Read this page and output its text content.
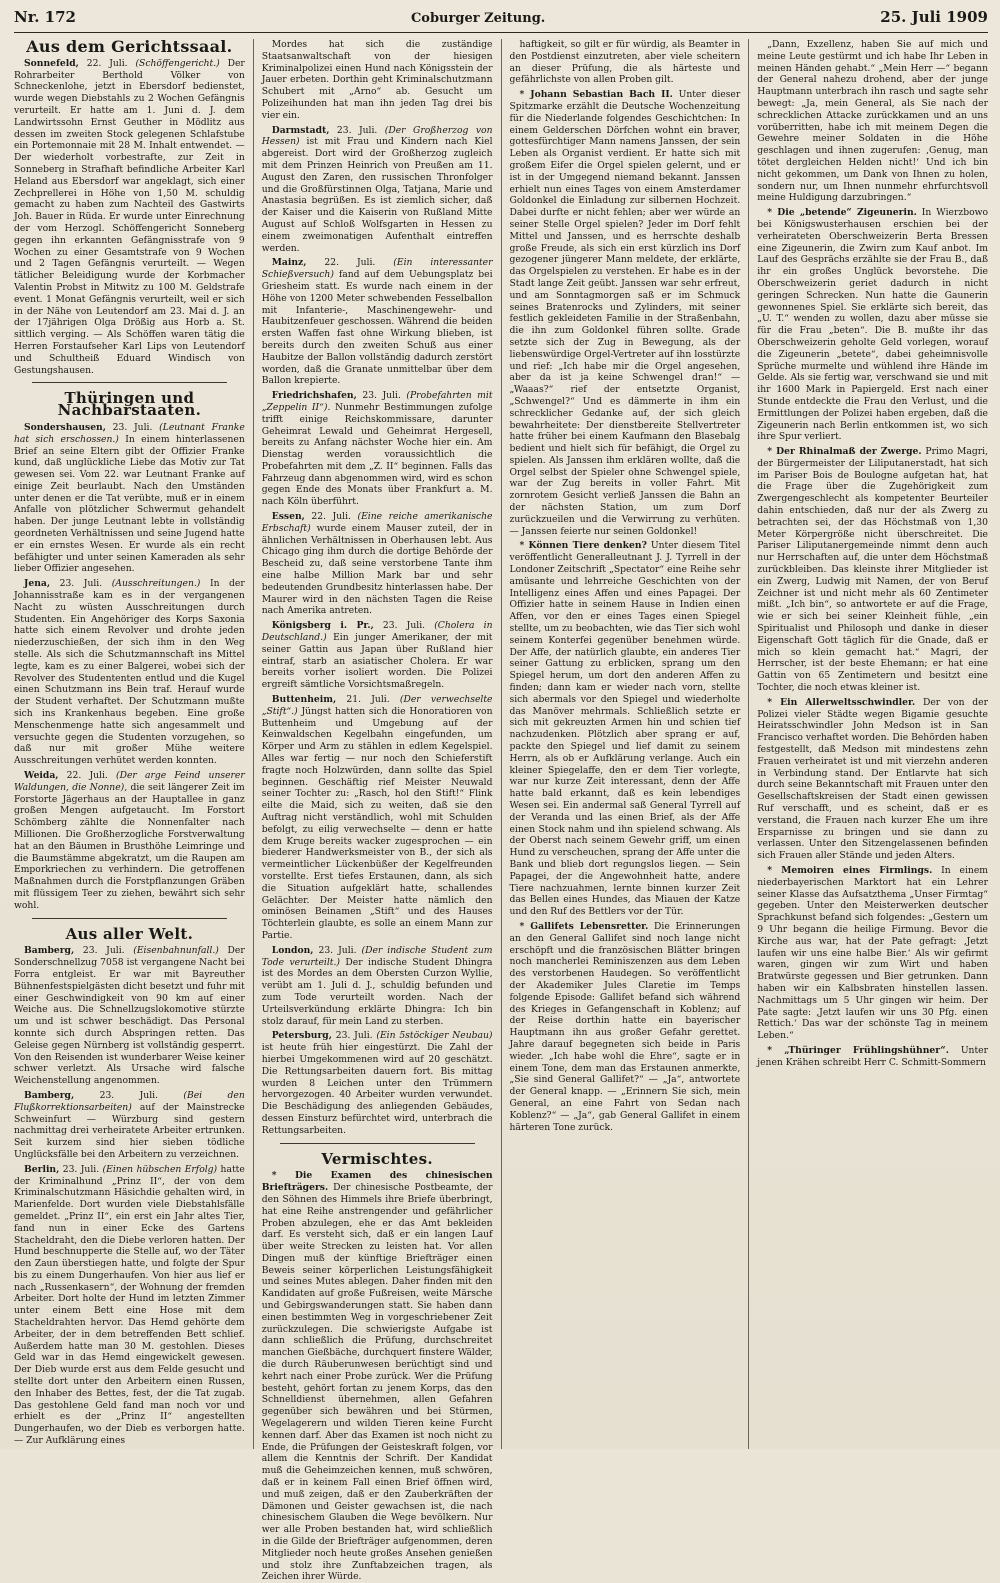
Nr. 172	Coburger Zeitung.	25. Juli 1909
Aus dem Gerichtssaal.

Sonnefeld, 22. Juli. (Schöffengericht.) Der Rohrarbeiter Berthold Völker von Schneckenlohe, jetzt in Ebersdorf bedienstet, wurde wegen Diebstahls zu 2 Wochen Gefängnis verurteilt. Er hatte am 1. Juni d. J. dem Landwirtssohn Ernst Geuther in Mödlitz aus dessen im zweiten Stock gelegenen Schlafstube ein Portemonnaie mit 28 M. Inhalt entwendet. — Der wiederholt vorbestrafte, zur Zeit in Sonneberg in Strafhaft befindliche Arbeiter Karl Heland aus Ebersdorf war angeklagt, sich einer Zechprellerei in Höhe von 1,50 M. schuldig gemacht zu haben zum Nachteil des Gastwirts Joh. Bauer in Rüda. Er wurde unter Einrechnung der vom Herzogl. Schöffengericht Sonneberg gegen ihn erkannten Gefängnisstrafe von 9 Wochen zu einer Gesamtstrafe von 9 Wochen und 2 Tagen Gefängnis verurteilt. — Wegen tätlicher Beleidigung wurde der Korbmacher Valentin Probst in Mitwitz zu 100 M. Geldstrafe event. 1 Monat Gefängnis verurteilt, weil er sich in der Nähe von Leutendorf am 23. Mai d. J. an der 17jährigen Olga Drößig aus Horb a. St. sittlich verging. — Als Schöffen waren tätig die Herren Forstaufseher Karl Lips von Leutendorf und Schultheiß Eduard Windisch von Gestungshausen.

Thüringen und Nachbarstaaten.

Sondershausen, 23. Juli. (Leutnant Franke hat sich erschossen.) In einem hinterlassenen Brief an seine Eltern gibt der Offizier Franke kund, daß unglückliche Liebe das Motiv zur Tat gewesen sei. Vom 22. war Leutnant Franke auf einige Zeit beurlaubt. Nach den Umständen unter denen er die Tat verübte, muß er in einem Anfalle von plötzlicher Schwermut gehandelt haben. Der junge Leutnant lebte in vollständig geordneten Verhältnissen und seine Jugend hatte er ein ernstes Wesen. Er wurde als ein recht befähigter und unter seinen Kameraden als sehr lieber Offizier angesehen.

Jena, 23. Juli. (Ausschreitungen.) In der Johannisstraße kam es in der vergangenen Nacht zu wüsten Ausschreitungen durch Studenten. Ein Angehöriger des Korps Saxonia hatte sich einem Revolver und drohte jeden niederzuschießen, der sich ihm in den Weg stelle. Als sich die Schutzmannschaft ins Mittel legte, kam es zu einer Balgerei, wobei sich der Revolver des Studententen entlud und die Kugel einen Schutzmann ins Bein traf. Herauf wurde der Student verhaftet. Der Schutzmann mußte sich ins Krankenhaus begeben. Eine große Menschenmenge hatte sich angesammelt und versuchte gegen die Studenten vorzugehen, so daß nur mit großer Mühe weitere Ausschreitungen verhütet werden konnten.

Weida, 22. Juli. (Der arge Feind unserer Waldungen, die Nonne), die seit längerer Zeit im Forstorte Jägerhaus an der Hauptallee in ganz großen Mengen aufgetaucht. Im Forstort Schömberg zählte die Nonnenfalter nach Millionen. Die Großherzogliche Forstverwaltung hat an den Bäumen in Brusthöhe Leimringe und die Baumstämme abgekratzt, um die Raupen am Emporkriechen zu verhindern. Die getroffenen Maßnahmen durch die Forstpflanzungen Gräben mit flüssigem Teer zu ziehen, bewährt sich sehr wohl.

Aus aller Welt.

Bamberg, 23. Juli. (Eisenbahnunfall.) Der Sonderschnellzug 7058 ist vergangene Nacht bei Forra entgleist. Er war mit Bayreuther Bühnenfestspielgästen dicht besetzt und fuhr mit einer Geschwindigkeit von 90 km auf einer Weiche aus. Die Schnellzugslokomotive stürzte um und ist schwer beschädigt. Das Personal konnte sich durch Abspringen retten. Das Geleise gegen Nürnberg ist vollständig gesperrt. Von den Reisenden ist wunderbarer Weise keiner schwer verletzt. Als Ursache wird falsche Weichenstellung angenommen.

Bamberg,	23. Juli.	(Bei den Flußkorrektionsarbeiten) auf der Mainstrecke Schweinfurt — Würzburg sind gestern nachmittag drei verheiratete Arbeiter ertrunken. Seit kurzem sind hier sieben tödliche Unglücksfälle bei den Arbeitern zu verzeichnen.

Berlin, 23. Juli. (Einen hübschen Erfolg) hatte der Kriminalhund „Prinz II“, der von dem Kriminalschutzmann Häsichdie gehalten wird, in Marienfelde. Dort wurden viele Diebstahlsfälle gemeldet. „Prinz II“, ein erst ein Jahr altes Tier, fand nun in einer Ecke des Gartens Stacheldraht, den die Diebe verloren hatten. Der Hund beschnupperte die Stelle auf, wo der Täter den Zaun überstiegen hatte, und folgte der Spur bis zu einem Dungerhaufen. Von hier aus lief er nach „Russenkasern“, der Wohnung der fremden Arbeiter. Dort holte der Hund im letzten Zimmer unter einem Bett eine Hose mit dem Stacheldrahten hervor. Das Hemd gehörte dem Arbeiter, der in dem betreffenden Bett schlief. Außerdem hatte man 30 M. gestohlen. Dieses Geld war in das Hemd eingewickelt gewesen. Der Dieb wurde erst aus dem Felde gesucht und stellte dort unter den Arbeitern einen Russen, den Inhaber des Bettes, fest, der die Tat zugab. Das gestohlene Geld fand man noch vor und erhielt es der „Prinz II“ angestellten Dungerhaufen, wo der Dieb es verborgen hatte. — Zur Aufklärung eines

Mordes hat sich die zuständige Staatsanwaltschaft von der hiesigen Kriminalpolizei einen Hund nach Königsstein der Jauer erbeten. Dorthin geht Kriminalschutzmann Schubert mit „Arno“ ab. Gesucht um Polizeihunden hat man ihn jeden Tag drei bis vier ein.

Darmstadt, 23. Juli. (Der Großherzog von Hessen) ist mit Frau und Kindern nach Kiel abgereist. Dort wird der Großherzog zugleich mit dem Prinzen Heinrich von Preußen am 11. August den Zaren, den russischen Thronfolger und die Großfürstinnen Olga, Tatjana, Marie und Anastasia begrüßen. Es ist ziemlich sicher, daß der Kaiser und die Kaiserin von Rußland Mitte August auf Schloß Wolfsgarten in Hessen zu einem zweimonatigen Aufenthalt eintreffen werden.

Mainz, 22. Juli. (Ein interessanter Schießversuch) fand auf dem Uebungsplatz bei Griesheim statt. Es wurde nach einem in der Höhe von 1200 Meter schwebenden Fesselballon mit Infanterie-, Maschinengewehr- und Haubitzenfeuer geschossen. Während die beiden ersten Waffen fast ohne Wirkung blieben, ist bereits durch den zweiten Schuß aus einer Haubitze der Ballon vollständig dadurch zerstört worden, daß die Granate unmittelbar über dem Ballon krepierte.

Friedrichshafen, 23. Juli. (Probefahrten mit „Zeppelin II“). Nunmehr Bestimmungen zufolge trifft einige Reichskommissare, darunter Geheimrat Lewald und Geheimrat Hergesell, bereits zu Anfang nächster Woche hier ein. Am Dienstag werden voraussichtlich die Probefahrten mit dem „Z. II“ beginnen. Falls das Fahrzeug dann abgenommen wird, wird es schon gegen Ende des Monats über Frankfurt a. M. nach Köln überführt.

Essen, 22. Juli. (Eine reiche amerikanische Erbschaft) wurde einem Mauser zuteil, der in ähnlichen Verhältnissen in Oberhausen lebt. Aus Chicago ging ihm durch die dortige Behörde der Bescheid zu, daß seine verstorbene Tante ihm eine halbe Million Mark bar und sehr bedeutenden Grundbesitz hinterlassen habe. Der Maurer wird in den nächsten Tagen die Reise nach Amerika antreten.

Königsberg i. Pr., 23. Juli. (Cholera in Deutschland.) Ein junger Amerikaner, der mit seiner Gattin aus Japan über Rußland hier eintraf, starb an asiatischer Cholera. Er war bereits vorher isoliert worden. Die Polizei ergreift sämtliche Vorsichtsmaßregeln.

Buttenheim, 21. Juli. (Der verwechselte „Stift“.) Jüngst hatten sich die Honoratioren von Buttenheim und Umgebung auf der Keinwaldschen Kegelbahn eingefunden, um Körper und Arm zu stählen in edlem Kegelspiel. Alles war fertig — nur noch den Schieferstift fragte noch Holzwürden, dann sollte das Spiel beginnen. Geschäftig rief Meister Neuwald seiner Tochter zu: „Rasch, hol den Stift!“ Flink eilte die Maid, sich zu weiten, daß sie den Auftrag nicht verständlich, wohl mit Schulden befolgt, zu eilig verwechselte — denn er hatte dem Kruge bereits wacker zugesprochen — ein biederer Handwerksmeister von B., der sich als vermeintlicher Lückenbüßer der Kegelfreunden vorstellte. Erst tiefes Erstaunen, dann, als sich die Situation aufgeklärt hatte, schallendes Gelächter. Der Meister hatte nämlich den ominösen Beinamen „Stift“ und des Hauses Töchterlein glaubte, es solle an einem Mann zur Partie.

London, 23. Juli. (Der indische Student zum Tode verurteilt.) Der indische Student Dhingra ist des Mordes an dem Obersten Curzon Wyllie, verübt am 1. Juli d. J., schuldig befunden und zum Tode verurteilt worden. Nach der Urteilsverkündung erklärte Dhingra: Ich bin stolz darauf, für mein Land zu sterben.

Petersburg, 23. Juli. (Ein 5stöckiger Neubau) ist heute früh hier eingestürzt. Die Zahl der hierbei Umgekommenen wird auf 20 geschätzt. Die Rettungsarbeiten dauern fort. Bis mittag wurden 8 Leichen unter den Trümmern hervorgezogen. 40 Arbeiter wurden verwundet. Die Beschädigung des anliegenden Gebäudes, dessen Einsturz befürchtet wird, unterbrach die Rettungsarbeiten.

Vermischtes.

* Die Examen des chinesischen Briefträgers. Der chinesische Postbeamte, der den Söhnen des Himmels ihre Briefe überbringt, hat eine Reihe anstrengender und gefährlicher Proben abzulegen, ehe er das Amt bekleiden darf. Es versteht sich, daß er ein langen Lauf über weite Strecken zu leisten hat. Vor allen Dingen muß der künftige Briefträger einen Beweis seiner körperlichen Leistungsfähigkeit und seines Mutes ablegen. Daher finden mit den Kandidaten auf große Fußreisen, weite Märsche und Gebirgswanderungen statt. Sie haben dann einen bestimmten Weg in vorgeschriebener Zeit zurückzulegen. Die schwierigste Aufgabe ist dann schließlich die Prüfung, durchschreitet manchen Gießbäche, durchquert finstere Wälder, die durch Räuberunwesen berüchtigt sind und kehrt nach einer Probe zurück. Wer die Prüfung besteht, gehört fortan zu jenem Korps, das den Schnelldienst übernehmen, allen Gefahren gegenüber sich bewähren und bei Stürmen, Wegelagerern und wilden Tieren keine Furcht kennen darf. Aber das Examen ist noch nicht zu Ende, die Prüfungen der Geisteskraft folgen, vor allem die Kenntnis der Schrift. Der Kandidat muß die Geheimzeichen kennen, muß schwören, daß er in keinem Fall einen Brief öffnen wird, und muß zeigen, daß er den Zauberkräften der Dämonen und Geister gewachsen ist, die nach chinesischem Glauben die Wege bevölkern. Nur wer alle Proben bestanden hat, wird schließlich in die Gilde der Briefträger aufgenommen, deren Mitglieder noch heute großes Ansehen genießen und stolz ihre Zunftabzeichen tragen, als Zeichen ihrer Würde.

haftigkeit, so gilt er für würdig, als Beamter in den Postdienst einzutreten, aber viele scheitern an dieser Prüfung, die als härteste und gefährlichste von allen Proben gilt.

* Johann Sebastian Bach II. Unter dieser Spitzmarke erzählt die Deutsche Wochenzeitung für die Niederlande folgendes Geschichtchen: In einem Gelderschen Dörfchen wohnt ein braver, gottesfürchtiger Mann namens Janssen, der sein Leben als Organist verdient. Er hatte sich mit großem Eifer die Orgel spielen gelernt, und er ist in der Umgegend niemand bekannt. Janssen erhielt nun eines Tages von einem Amsterdamer Goldonkel die Einladung zur silbernen Hochzeit. Dabei durfte er nicht fehlen; aber wer würde an seiner Stelle Orgel spielen? Jeder im Dorf fehlt Mittel und Janssen, und es herrschte deshalb große Freude, als sich ein erst kürzlich ins Dorf gezogener jüngerer Mann meldete, der erklärte, das Orgelspielen zu verstehen. Er habe es in der Stadt lange Zeit geübt. Janssen war sehr erfreut, und am Sonntagmorgen saß er im Schmuck seines Bratenrocks und Zylinders, mit seiner festlich gekleideten Familie in der Straßenbahn, die ihn zum Goldonkel führen sollte. Grade setzte sich der Zug in Bewegung, als der liebenswürdige Orgel-Vertreter auf ihn losstürzte und rief: „Ich habe mir die Orgel angesehen, aber da ist ja keine Schwengel dran!“ — „Waaas?“ rief der entsetzte Organist, „Schwengel?“ Und es dämmerte in ihm ein schrecklicher Gedanke auf, der sich gleich bewahrheitete: Der dienstbereite Stellvertreter hatte früher bei einem Kaufmann den Blasebalg bedient und hielt sich für befähigt, die Orgel zu spielen. Als Janssen ihm erklären wollte, daß die Orgel selbst der Spieler ohne Schwengel spiele, war der Zug bereits in voller Fahrt. Mit zornrotem Gesicht verließ Janssen die Bahn an der nächsten Station, um zum Dorf zurückzueilen und die Verwirrung zu verhüten. — Janssen feierte nur seinen Goldonkel!

* Können Tiere denken? Unter diesem Titel veröffentlicht Generalleutnant J. J. Tyrrell in der Londoner Zeitschrift „Spectator“ eine Reihe sehr amüsante und lehrreiche Geschichten von der Intelligenz eines Affen und eines Papagei. Der Offizier hatte in seinem Hause in Indien einen Affen, vor den er eines Tages einen Spiegel stellte, um zu beobachten, wie das Tier sich wohl seinem Konterfei gegenüber benehmen würde. Der Affe, der natürlich glaubte, ein anderes Tier seiner Gattung zu erblicken, sprang um den Spiegel herum, um dort den anderen Affen zu finden; dann kam er wieder nach vorn, stellte sich abermals vor den Spiegel und wiederholte das Manöver mehrmals. Schließlich setzte er sich mit gekreuzten Armen hin und schien tief nachzudenken. Plötzlich aber sprang er auf, packte den Spiegel und lief damit zu seinem Herrn, als ob er Aufklärung verlange. Auch ein kleiner Spiegelaffe, den er dem Tier vorlegte, war nur kurze Zeit interessant, denn der Affe hatte bald erkannt, daß es kein lebendiges Wesen sei. Ein andermal saß General Tyrrell auf der Veranda und las einen Brief, als der Affe einen Stock nahm und ihn spielend schwang. Als der Oberst nach seinem Gewehr griff, um einen Hund zu verscheuchen, sprang der Affe unter die Bank und blieb dort regungslos liegen. — Sein Papagei, der die Angewohnheit hatte, andere Tiere nachzuahmen, lernte binnen kurzer Zeit das Bellen eines Hundes, das Miauen der Katze und den Ruf des Bettlers vor der Tür.

* Gallifets Lebensretter. Die Erinnerungen an den General Gallifet sind noch lange nicht erschöpft und die französischen Blätter bringen noch mancherlei Reminiszenzen aus dem Leben des verstorbenen Haudegen. So veröffentlicht der Akademiker Jules Claretie im Temps folgende Episode: Gallifet befand sich während des Krieges in Gefangenschaft in Koblenz; auf der Reise dorthin hatte ein bayerischer Hauptmann ihn aus großer Gefahr gerettet. Jahre darauf begegneten sich beide in Paris wieder. „Ich habe wohl die Ehre“, sagte er in einem Tone, dem man das Erstaunen anmerkte, „Sie sind General Gallifet?“ — „Ja“, antwortete der General knapp. — „Erinnern Sie sich, mein General, an eine Fahrt von Sedan nach Koblenz?“ — „Ja“, gab General Gallifet in einem härteren Tone zurück.

„Dann, Exzellenz, haben Sie auf mich und meine Leute gestürmt und ich habe Ihr Leben in meinen Händen gehabt.“ „Mein Herr —“ begann der General nahezu drohend, aber der junge Hauptmann unterbrach ihn rasch und sagte sehr bewegt: „Ja, mein General, als Sie nach der schrecklichen Attacke zurückkamen und an uns vorüberritten, habe ich mit meinem Degen die Gewehre meiner Soldaten in die Höhe geschlagen und ihnen zugerufen: ‚Genug, man tötet dergleichen Helden nicht!‘ Und ich bin nicht gekommen, um Dank von Ihnen zu holen, sondern nur, um Ihnen nunmehr ehrfurchtsvoll meine Huldigung darzubringen.“

* Die „betende“ Zigeunerin. In Wierzbowo bei Königswusterhausen erschien bei der verheirateten Oberschweizerin Berta Bressen eine Zigeunerin, die Zwirn zum Kauf anbot. Im Lauf des Gesprächs erzählte sie der Frau B., daß ihr ein großes Unglück bevorstehe. Die Oberschweizerin geriet dadurch in nicht geringen Schrecken. Nun hatte die Gaunerin gewonnenes Spiel. Sie erklärte sich bereit, das „U. T.“ wenden zu wollen, dazu aber müsse sie für die Frau „beten“. Die B. mußte ihr das Oberschweizerin geholte Geld vorlegen, worauf die Zigeunerin „betete“, dabei geheimnisvolle Sprüche murmelte und wühlend ihre Hände im Gelde. Als sie fertig war, verschwand sie und mit ihr 1600 Mark in Papiergeld. Erst nach einer Stunde entdeckte die Frau den Verlust, und die Ermittlungen der Polizei haben ergeben, daß die Zigeunerin nach Berlin entkommen ist, wo sich ihre Spur verliert.

* Der Rhinalmaß der Zwerge. Primo Magri, der Bürgermeister der Liliputanerstadt, hat sich im Pariser Bois de Boulogne aufgetan hat, hat die Frage über die Zugehörigkeit zum Zwergengeschlecht als kompetenter Beurteiler dahin entschieden, daß nur der als Zwerg zu betrachten sei, der das Höchstmaß von 1,30 Meter Körpergröße nicht überschreitet. Die Pariser Liliputanergemeinde nimmt denn auch nur Herrschaften auf, die unter dem Höchstmaß zurückbleiben. Das kleinste ihrer Mitglieder ist ein Zwerg, Ludwig mit Namen, der von Beruf Zeichner ist und nicht mehr als 60 Zentimeter mißt. „Ich bin“, so antwortete er auf die Frage, wie er sich bei seiner Kleinheit fühle, „ein Spiritualist und Philosoph und danke in dieser Eigenschaft Gott täglich für die Gnade, daß er mich so klein gemacht hat.“ Magri, der Herrscher, ist der beste Ehemann; er hat eine Gattin von 65 Zentimetern und besitzt eine Tochter, die noch etwas kleiner ist.

* Ein Allerweltsschwindler. Der von der Polizei vieler Städte wegen Bigamie gesuchte Heiratsschwindler John Medson ist in San Francisco verhaftet worden. Die Behörden haben festgestellt, daß Medson mit mindestens zehn Frauen verheiratet ist und mit vierzehn anderen in Verbindung stand. Der Entlarvte hat sich durch seine Bekanntschaft mit Frauen unter den Gesellschaftskreisen der Stadt einen gewissen Ruf verschafft, und es scheint, daß er es verstand, die Frauen nach kurzer Ehe um ihre Ersparnisse zu bringen und sie dann zu verlassen. Unter den Sitzengelassenen befinden sich Frauen aller Stände und jeden Alters.

* Memoiren eines Firmlings. In einem niederbayerischen Marktort hat ein Lehrer seiner Klasse das Aufsatzthema „Unser Firmtag“ gegeben. Unter den Meisterwerken deutscher Sprachkunst befand sich folgendes: „Gestern um 9 Uhr begann die heilige Firmung. Bevor die Kirche aus war, hat der Pate gefragt: ‚Jetzt laufen wir uns eine halbe Bier.‘ Als wir gefirmt waren, gingen wir zum Wirt und haben Bratwürste gegessen und Bier getrunken. Dann haben wir ein Kalbsbraten hinstellen lassen. Nachmittags um 5 Uhr gingen wir heim. Der Pate sagte: ‚Jetzt laufen wir uns 30 Pfg. einen Rettich.‘ Das war der schönste Tag in meinem Leben.“

* „Thüringer Frühlingshühner“. Unter jenen Krähen schreibt Herr C. Schmitt-Sommern
